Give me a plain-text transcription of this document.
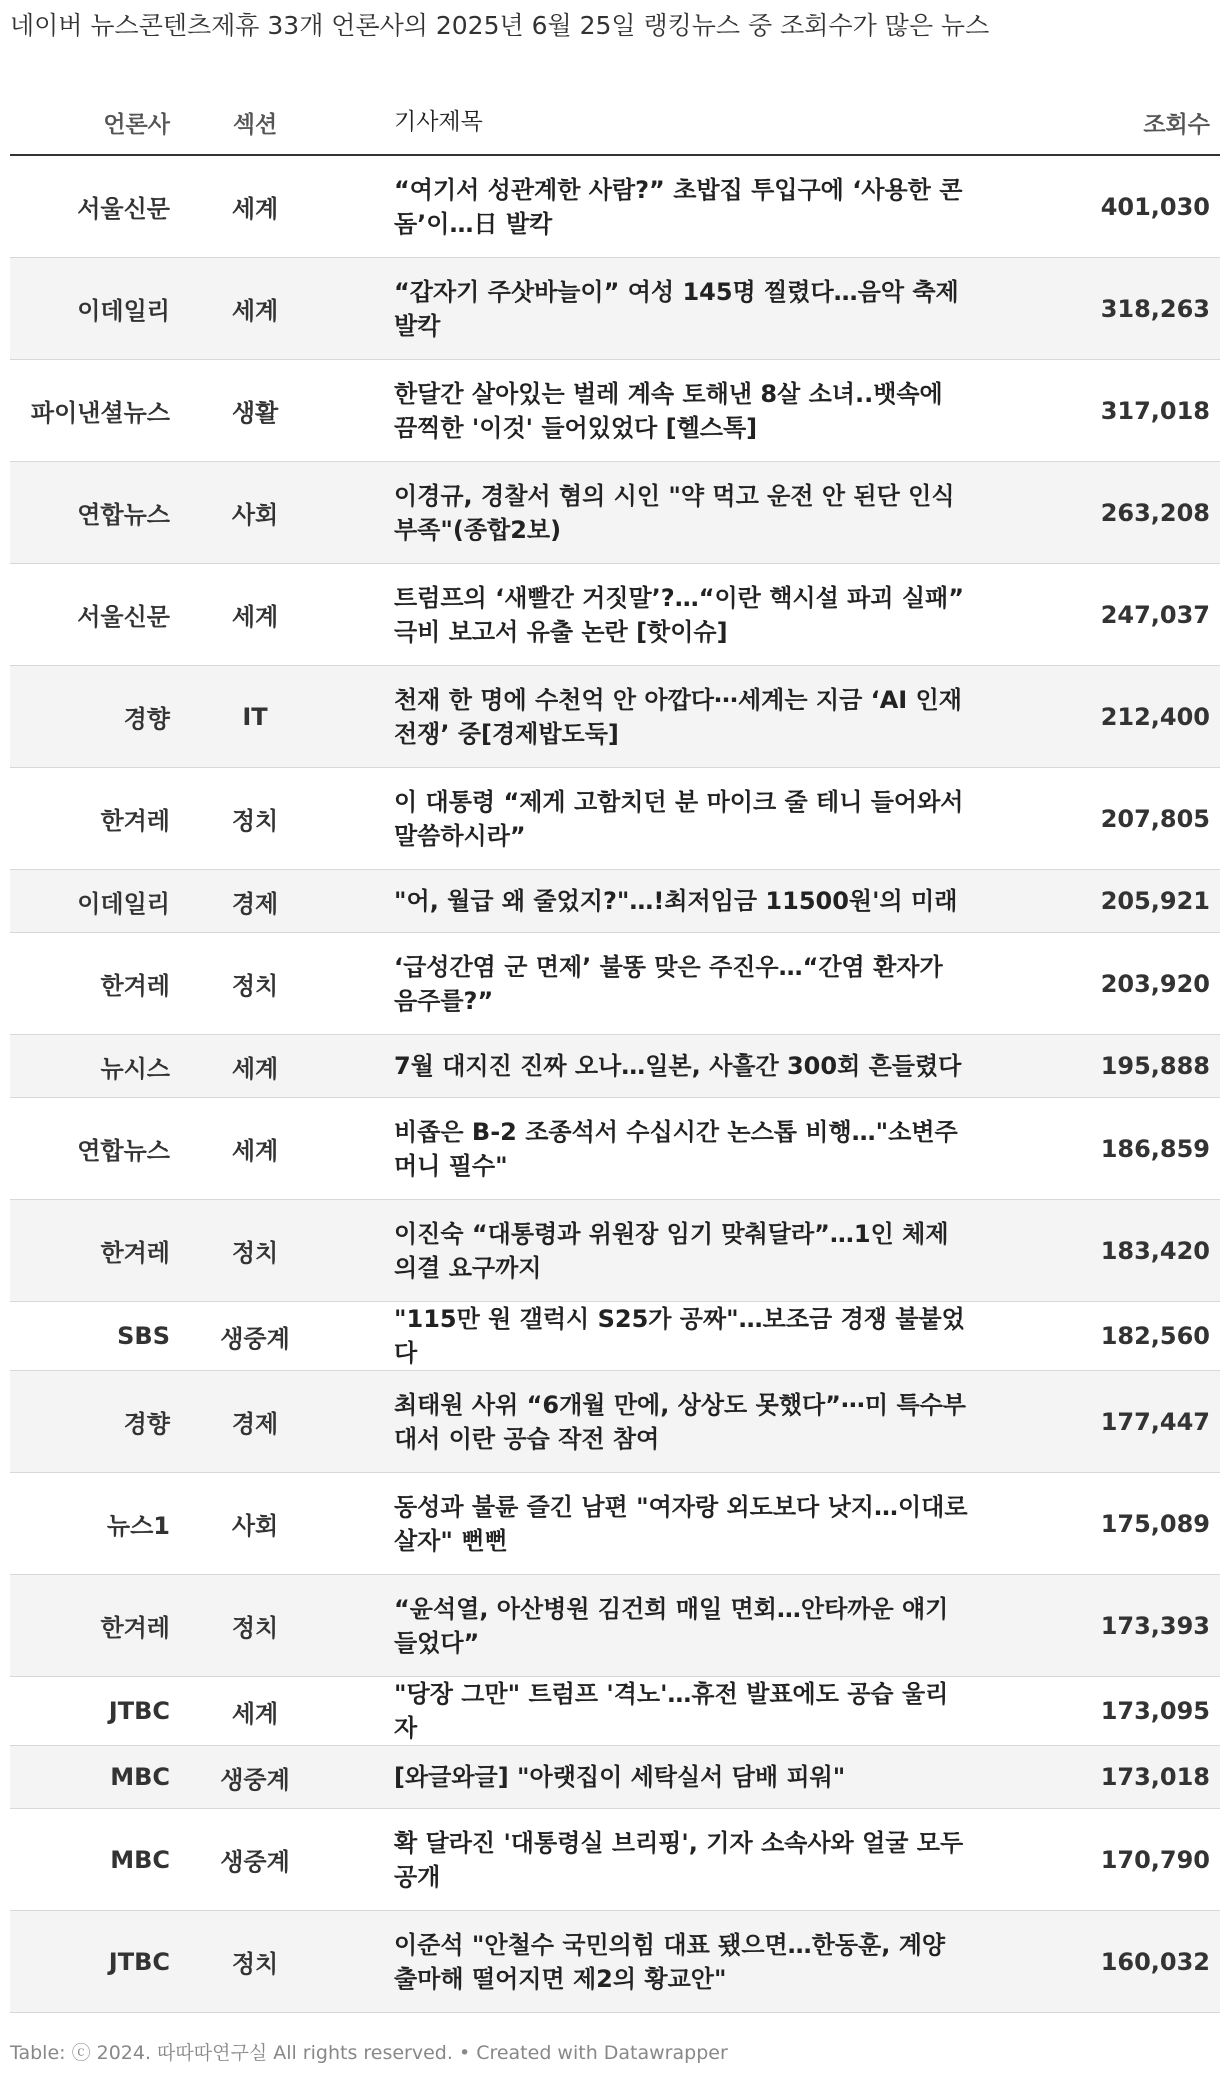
네이버 뉴스콘텐츠제휴 33개 언론사의 2025년 6월 25일 랭킹뉴스 중 조회수가 많은 뉴스
언론사	섹션	기사제목	조회수
서울신문	세계	“여기서 성관계한 사람?” 초밥집 투입구에 ‘사용한 콘돔’이…日 발칵	401,030
이데일리	세계	“갑자기 주삿바늘이” 여성 145명 찔렸다…음악 축제 발칵	318,263
파이낸셜뉴스	생활	한달간 살아있는 벌레 계속 토해낸 8살 소녀..뱃속에 끔찍한 '이것' 들어있었다 [헬스톡]	317,018
연합뉴스	사회	이경규, 경찰서 혐의 시인 "약 먹고 운전 안 된단 인식 부족"(종합2보)	263,208
서울신문	세계	트럼프의 ‘새빨간 거짓말’?…“이란 핵시설 파괴 실패” 극비 보고서 유출 논란 [핫이슈]	247,037
경향	IT	천재 한 명에 수천억 안 아깝다⋯세계는 지금 ‘AI 인재전쟁’ 중[경제밥도둑]	212,400
한겨레	정치	이 대통령 “제게 고함치던 분 마이크 줄 테니 들어와서 말씀하시라”	207,805
이데일리	경제	"어, 월급 왜 줄었지?"…!최저임금 11500원'의 미래	205,921
한겨레	정치	‘급성간염 군 면제’ 불똥 맞은 주진우…“간염 환자가 음주를?”	203,920
뉴시스	세계	7월 대지진 진짜 오나…일본, 사흘간 300회 흔들렸다	195,888
연합뉴스	세계	비좁은 B-2 조종석서 수십시간 논스톱 비행…"소변주머니 필수"	186,859
한겨레	정치	이진숙 “대통령과 위원장 임기 맞춰달라”…1인 체제 의결 요구까지	183,420
SBS	생중계	"115만 원 갤럭시 S25가 공짜"…보조금 경쟁 불붙었다	182,560
경향	경제	최태원 사위 “6개월 만에, 상상도 못했다”⋯미 특수부대서 이란 공습 작전 참여	177,447
뉴스1	사회	동성과 불륜 즐긴 남편 "여자랑 외도보다 낫지…이대로 살자" 뻔뻔	175,089
한겨레	정치	“윤석열, 아산병원 김건희 매일 면회…안타까운 얘기 들었다”	173,393
JTBC	세계	"당장 그만" 트럼프 '격노'…휴전 발표에도 공습 울리자	173,095
MBC	생중계	[와글와글] "아랫집이 세탁실서 담배 피워"	173,018
MBC	생중계	확 달라진 '대통령실 브리핑', 기자 소속사와 얼굴 모두 공개	170,790
JTBC	정치	이준석 "안철수 국민의힘 대표 됐으면…한동훈, 계양 출마해 떨어지면 제2의 황교안"	160,032
Table: ⓒ 2024. 따따따연구실 All rights reserved. • Created with Datawrapper
